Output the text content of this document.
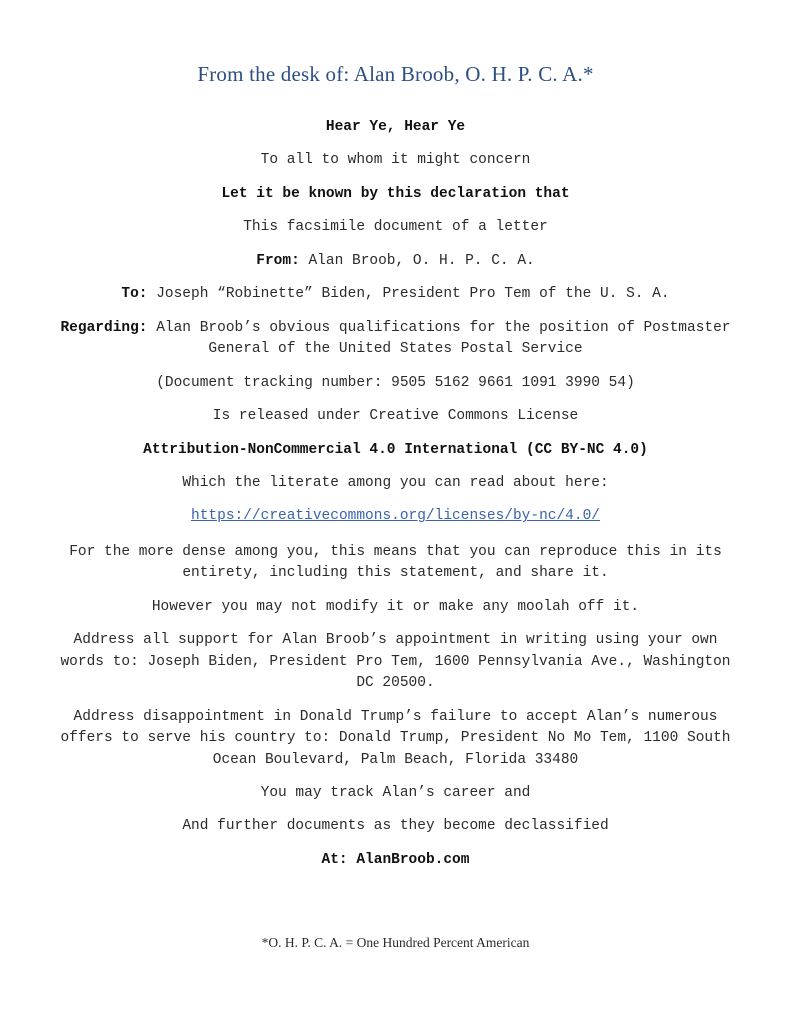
From the desk of: Alan Broob, O. H. P. C. A.*

Hear Ye, Hear Ye

To all to whom it might concern

Let it be known by this declaration that

This facsimile document of a letter

From: Alan Broob, O. H. P. C. A.

To: Joseph “Robinette” Biden, President Pro Tem of the U. S. A.

Regarding: Alan Broob’s obvious qualifications for the position of Postmaster General of the United States Postal Service

(Document tracking number: 9505 5162 9661 1091 3990 54)

Is released under Creative Commons License

Attribution-NonCommercial 4.0 International (CC BY-NC 4.0)

Which the literate among you can read about here:

https://creativecommons.org/licenses/by-nc/4.0/

For the more dense among you, this means that you can reproduce this in its entirety, including this statement, and share it.

However you may not modify it or make any moolah off it.

Address all support for Alan Broob’s appointment in writing using your own words to: Joseph Biden, President Pro Tem, 1600 Pennsylvania Ave., Washington DC 20500.

Address disappointment in Donald Trump’s failure to accept Alan’s numerous offers to serve his country to: Donald Trump, President No Mo Tem, 1100 South Ocean Boulevard, Palm Beach, Florida 33480

You may track Alan’s career and

And further documents as they become declassified

At: AlanBroob.com

*O. H. P. C. A. = One Hundred Percent American
